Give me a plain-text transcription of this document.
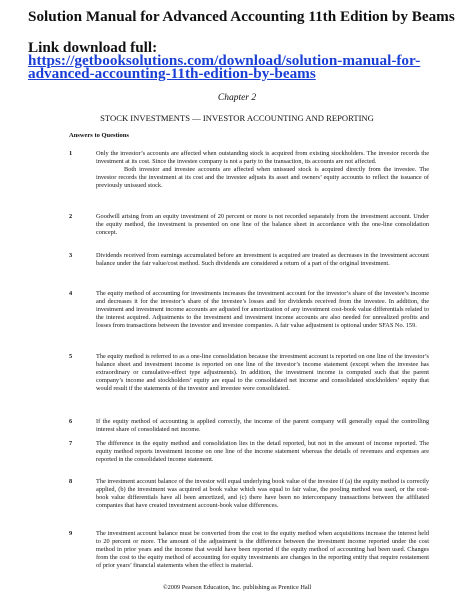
Solution Manual for Advanced Accounting 11th Edition by Beams
Link download full: https://getbooksolutions.com/download/solution-manual-for-advanced-accounting-11th-edition-by-beams
Chapter 2
STOCK INVESTMENTS — INVESTOR ACCOUNTING AND REPORTING
Answers to Questions
1	Only the investor’s accounts are affected when outstanding stock is acquired from existing stockholders. The investor records the investment at its cost. Since the investee company is not a party to the transaction, its accounts are not affected.

Both investor and investee accounts are affected when unissued stock is acquired directly from the investee. The investor records the investment at its cost and the investee adjusts its asset and owners’ equity accounts to reflect the issuance of previously unissued stock.

2	Goodwill arising from an equity investment of 20 percent or more is not recorded separately from the investment account. Under the equity method, the investment is presented on one line of the balance sheet in accordance with the one-line consolidation concept.

3	Dividends received from earnings accumulated before an investment is acquired are treated as decreases in the investment account balance under the fair value/cost method. Such dividends are considered a return of a part of the original investment.

4	The equity method of accounting for investments increases the investment account for the investor’s share of the investee’s income and decreases it for the investor’s share of the investee’s losses and for dividends received from the investee. In addition, the investment and investment income accounts are adjusted for amortization of any investment cost-book value differentials related to the interest acquired. Adjustments to the investment and investment income accounts are also needed for unrealized profits and losses from transactions between the investor and investee companies. A fair value adjustment is optional under SFAS No. 159.

5	The equity method is referred to as a one-line consolidation because the investment account is reported on one line of the investor’s balance sheet and investment income is reported on one line of the investor’s income statement (except when the investee has extraordinary or cumulative-effect type adjustments). In addition, the investment income is computed such that the parent company’s income and stockholders’ equity are equal to the consolidated net income and consolidated stockholders’ equity that would result if the statements of the investor and investee were consolidated.

6	If the equity method of accounting is applied correctly, the income of the parent company will generally equal the controlling interest share of consolidated net income.

7	The difference in the equity method and consolidation lies in the detail reported, but not in the amount of income reported. The equity method reports investment income on one line of the income statement whereas the details of revenues and expenses are reported in the consolidated income statement.

8	The investment account balance of the investor will equal underlying book value of the investee if (a) the equity method is correctly applied, (b) the investment was acquired at book value which was equal to fair value, the pooling method was used, or the cost-book value differentials have all been amortized, and (c) there have been no intercompany transactions between the affiliated companies that have created investment account-book value differences.

9	The investment account balance must be converted from the cost to the equity method when acquisitions increase the interest held to 20 percent or more. The amount of the adjustment is the difference between the investment income reported under the cost method in prior years and the income that would have been reported if the equity method of accounting had been used. Changes from the cost to the equity method of accounting for equity investments are changes in the reporting entity that require restatement of prior years’ financial statements when the effect is material.

©2009 Pearson Education, Inc. publishing as Prentice Hall
